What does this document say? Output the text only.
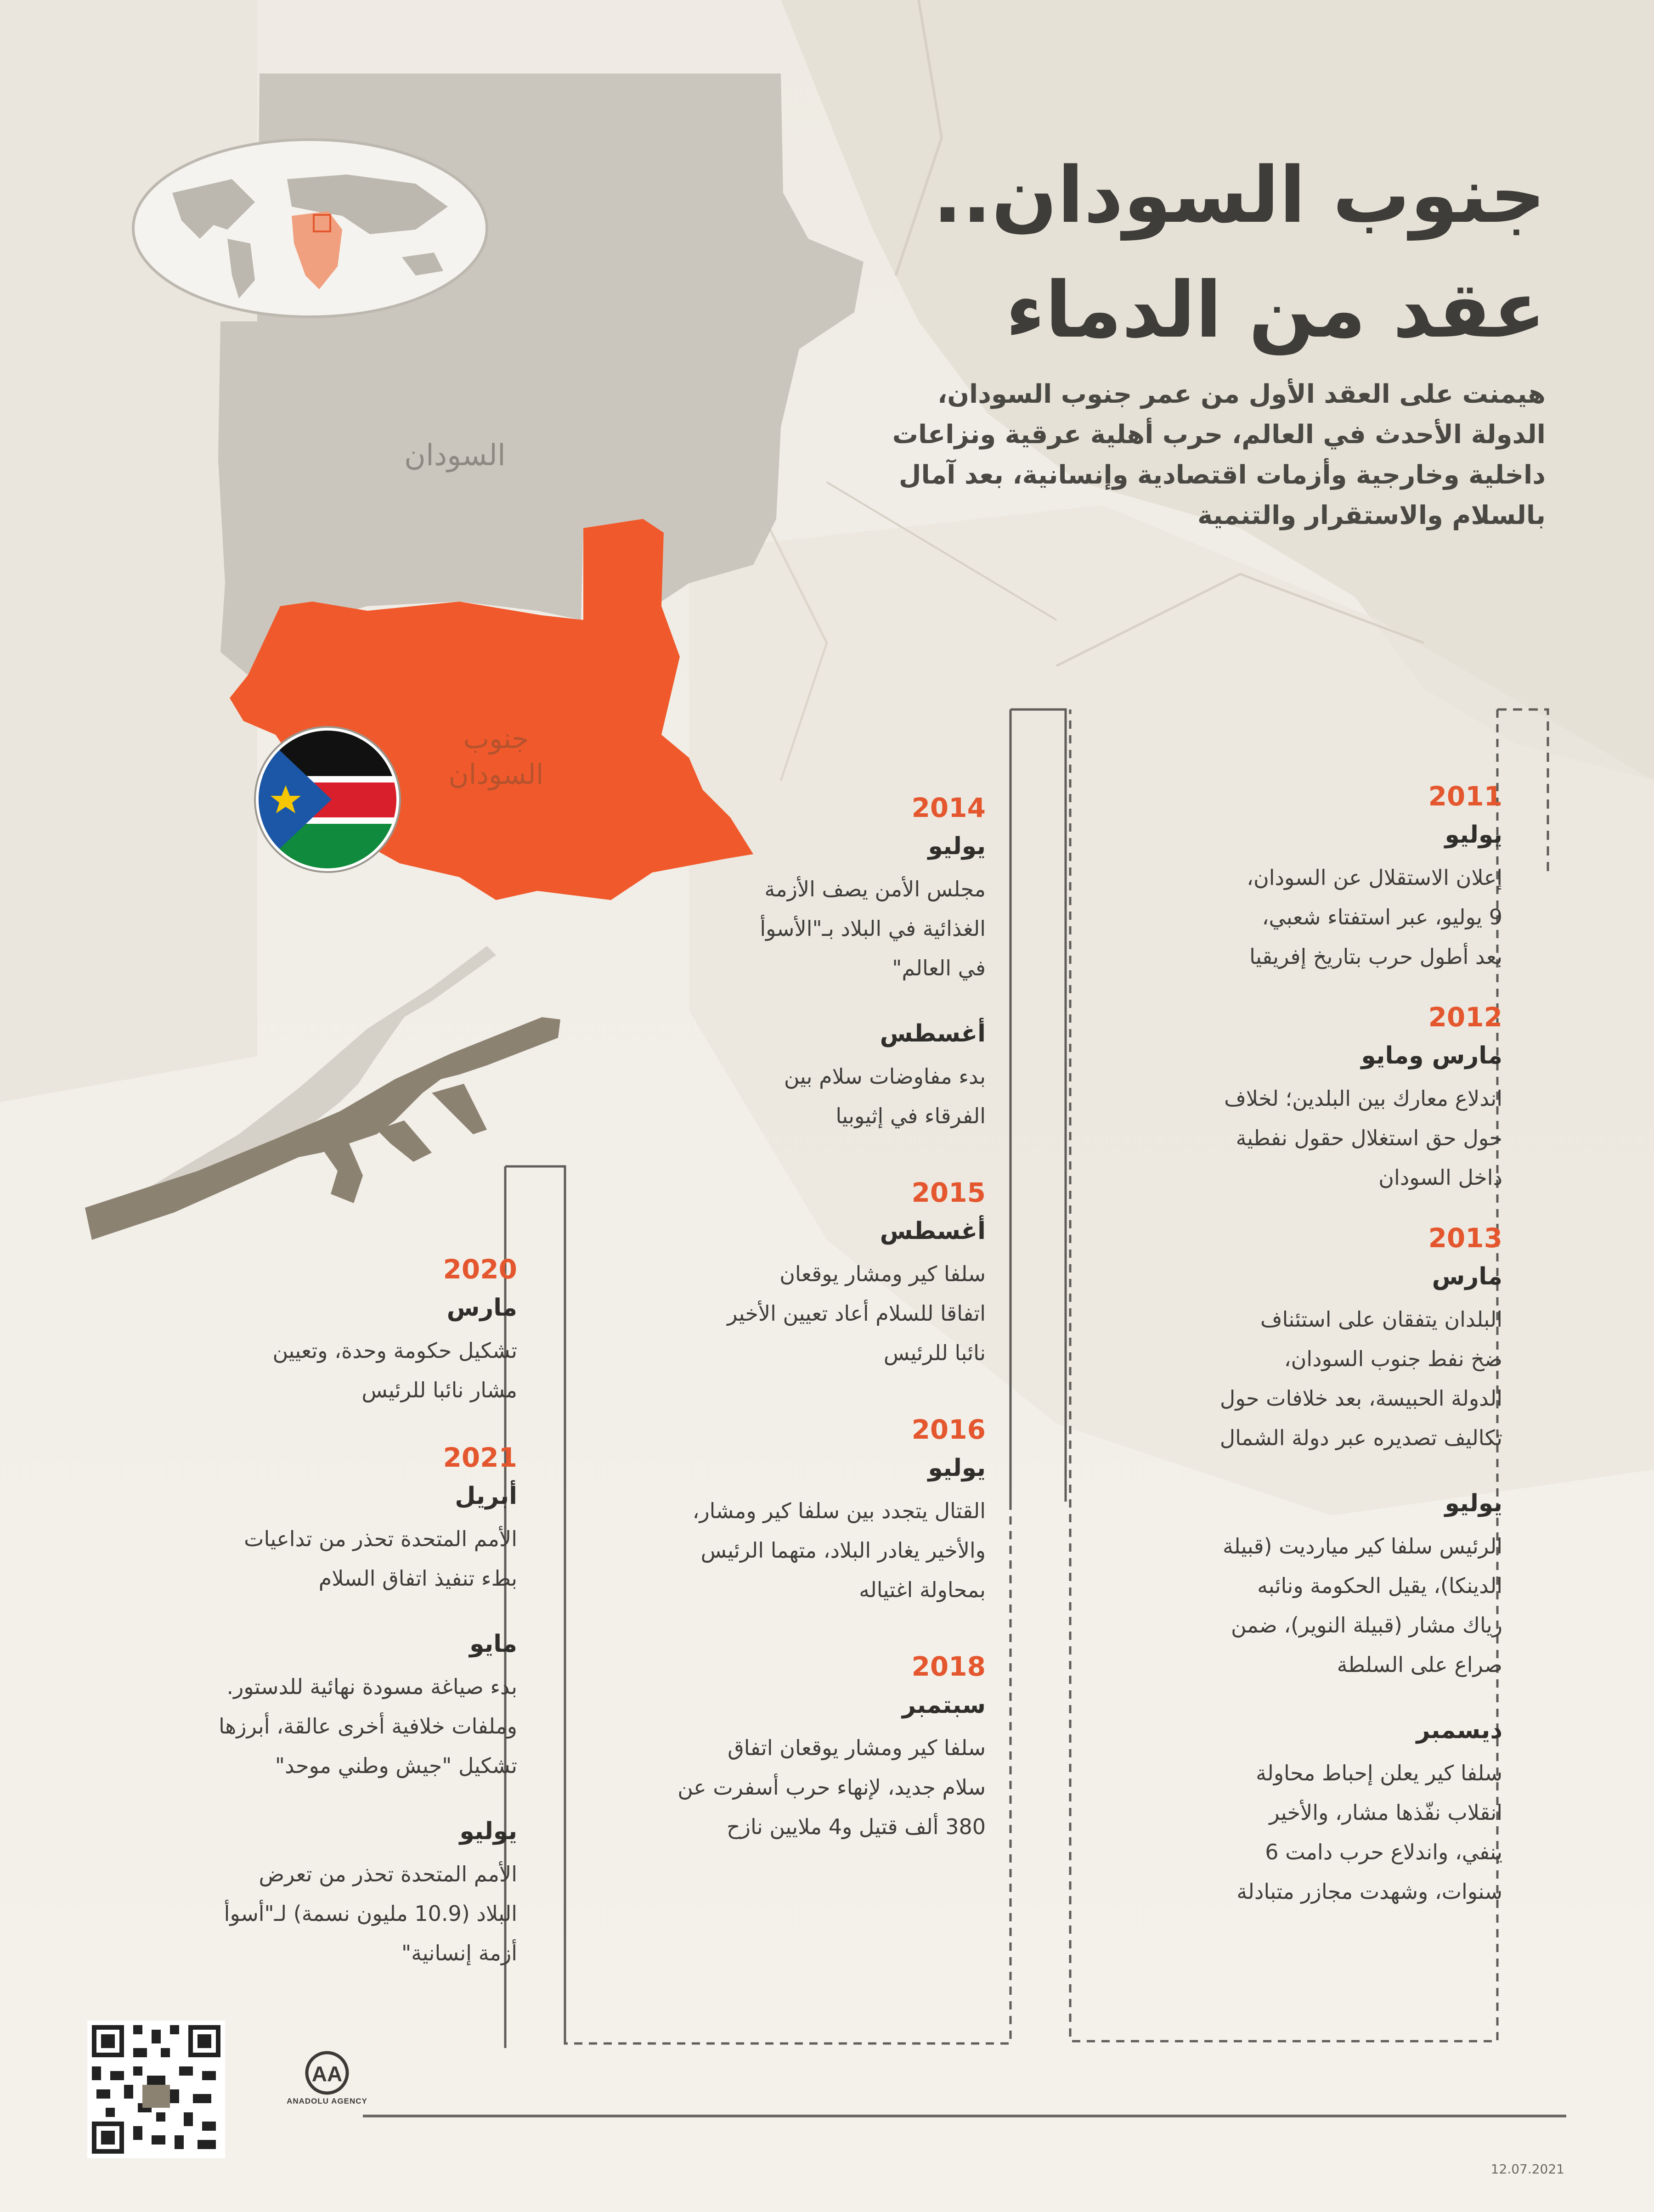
جنوب السودان..
عقد من الدماء
هيمنت على العقد الأول من عمر جنوب السودان،
الدولة الأحدث في العالم، حرب أهلية عرقية ونزاعات
داخلية وخارجية وأزمات اقتصادية وإنسانية، بعد آمال
بالسلام والاستقرار والتنمية
السودان
جنوب
السودان

2011

يوليو

إعلان الاستقلال عن السودان،

9 يوليو، عبر استفتاء شعبي،

بعد أطول حرب بتاريخ إفريقيا

2012

مارس ومايو

اندلاع معارك بين البلدين؛ لخلاف

حول حق استغلال حقول نفطية

داخل السودان

2013

مارس

البلدان يتفقان على استئناف

ضخ نفط جنوب السودان،

الدولة الحبيسة، بعد خلافات حول

تكاليف تصديره عبر دولة الشمال

يوليو

الرئيس سلفا كير ميارديت (قبيلة

الدينكا)، يقيل الحكومة ونائبه

رياك مشار (قبيلة النوير)، ضمن

صراع على السلطة

ديسمبر

سلفا كير يعلن إحباط محاولة

انقلاب نفّذها مشار، والأخير

ينفي، واندلاع حرب دامت 6

سنوات، وشهدت مجازر متبادلة

2014

يوليو

مجلس الأمن يصف الأزمة

الغذائية في البلاد بـ"الأسوأ

في العالم"

أغسطس

بدء مفاوضات سلام بين

الفرقاء في إثيوبيا

2015

أغسطس

سلفا كير ومشار يوقعان

اتفاقا للسلام أعاد تعيين الأخير

نائبا للرئيس

2016

يوليو

القتال يتجدد بين سلفا كير ومشار،

والأخير يغادر البلاد، متهما الرئيس

بمحاولة اغتياله

2018

سبتمبر

سلفا كير ومشار يوقعان اتفاق

سلام جديد، لإنهاء حرب أسفرت عن

380 ألف قتيل و4 ملايين نازح

2020

مارس

تشكيل حكومة وحدة، وتعيين

مشار نائبا للرئيس

2021

أبريل

الأمم المتحدة تحذر من تداعيات

بطء تنفيذ اتفاق السلام

مايو

بدء صياغة مسودة نهائية للدستور.

وملفات خلافية أخرى عالقة، أبرزها

تشكيل "جيش وطني موحد"

يوليو

الأمم المتحدة تحذر من تعرض

البلاد (10.9 مليون نسمة) لـ"أسوأ

أزمة إنسانية"

AA
ANADOLU AGENCY
12.07.2021
